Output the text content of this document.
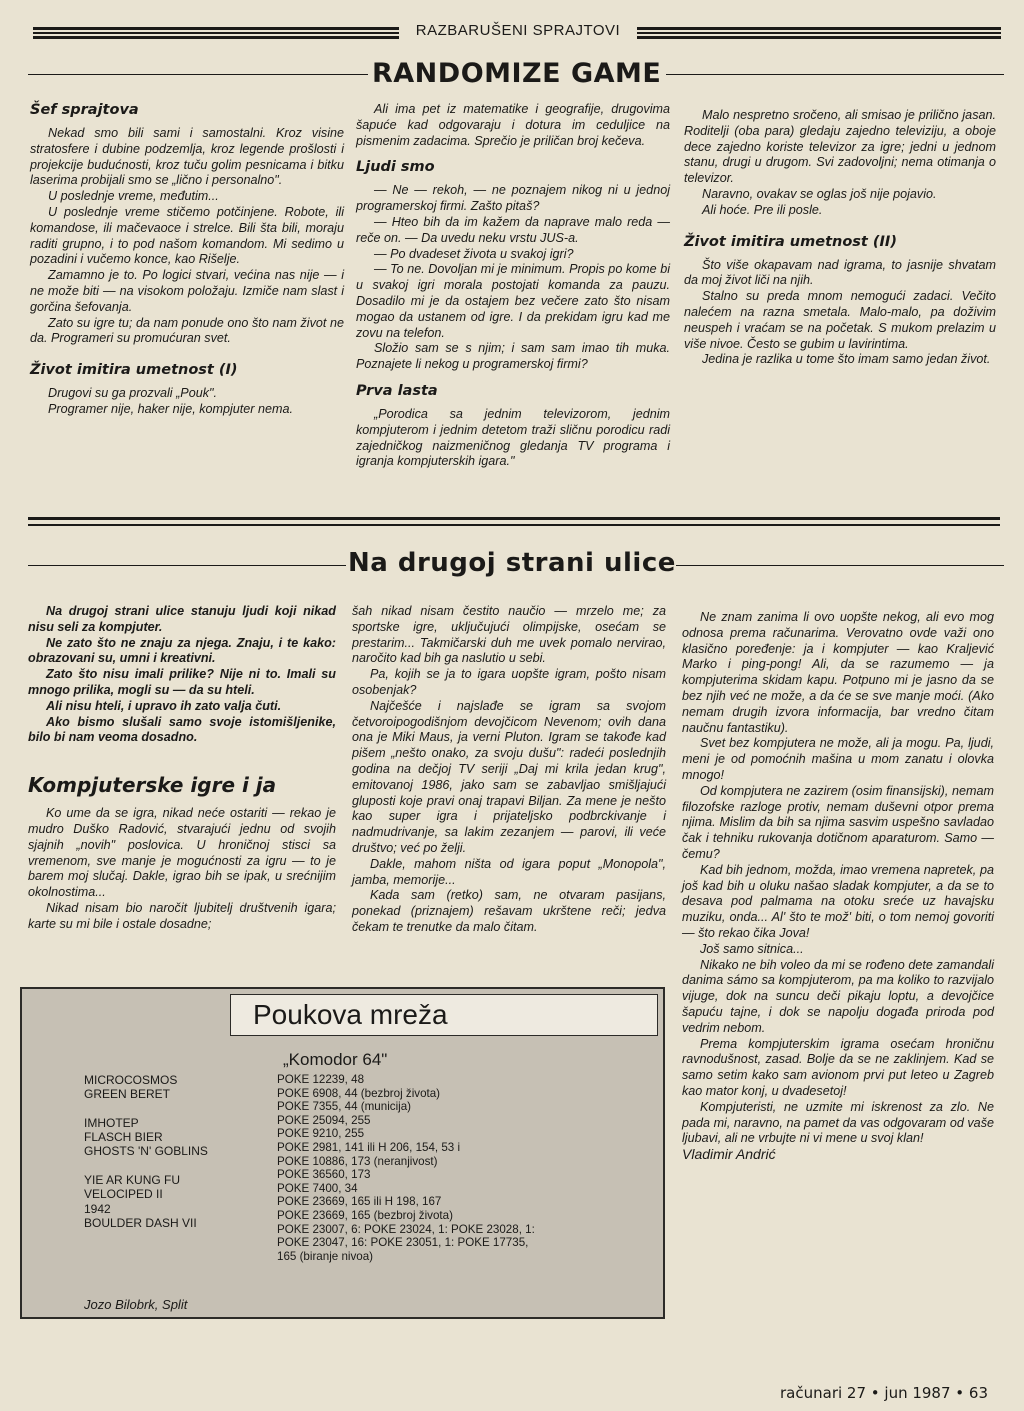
RAZBARUŠENI SPRAJTOVI
RANDOMIZE GAME
Šef sprajtova

Nekad smo bili sami i samostalni. Kroz visine stratosfere i dubine podzemlja, kroz legende prošlosti i projekcije budućnosti, kroz tuču golim pesnicama i bitku laserima probijali smo se „lično i personalno".

U poslednje vreme, međutim...

U poslednje vreme stičemo potčinjene. Robote, ili komandose, ili mačevaoce i strelce. Bili šta bili, moraju raditi grupno, i to pod našom komandom. Mi sedimo u pozadini i vučemo konce, kao Rišelje.

Zamamno je to. Po logici stvari, većina nas nije — i ne može biti — na visokom položaju. Izmiče nam slast i gorčina šefovanja.

Zato su igre tu; da nam ponude ono što nam život ne da. Programeri su promućuran svet.

Život imitira umetnost (I)

Drugovi su ga prozvali „Pouk".

Programer nije, haker nije, kompjuter nema.

Ali ima pet iz matematike i geografije, drugovima šapuće kad odgovaraju i dotura im ceduljice na pismenim zadacima. Sprečio je priličan broj kečeva.

Ljudi smo

— Ne — rekoh, — ne poznajem nikog ni u jednoj programerskoj firmi. Zašto pitaš?

— Hteo bih da im kažem da naprave malo reda — reče on. — Da uvedu neku vrstu JUS-a.

— Po dvadeset života u svakoj igri?

— To ne. Dovoljan mi je minimum. Propis po kome bi u svakoj igri morala postojati komanda za pauzu. Dosadilo mi je da ostajem bez večere zato što nisam mogao da ustanem od igre. I da prekidam igru kad me zovu na telefon.

Složio sam se s njim; i sam sam imao tih muka. Poznajete li nekog u programerskoj firmi?

Prva lasta

„Porodica sa jednim televizorom, jednim kompjuterom i jednim detetom traži sličnu porodicu radi zajedničkog naizmeničnog gledanja TV programa i igranja kompjuterskih igara."

Malo nespretno sročeno, ali smisao je prilično jasan. Roditelji (oba para) gledaju zajedno televiziju, a oboje dece zajedno koriste televizor za igre; jedni u jednom stanu, drugi u drugom. Svi zadovoljni; nema otimanja o televizor.

Naravno, ovakav se oglas još nije pojavio.

Ali hoće. Pre ili posle.

Život imitira umetnost (II)

Što više okapavam nad igrama, to jasnije shvatam da moj život liči na njih.

Stalno su preda mnom nemogući zadaci. Večito nalećem na razna smetala. Malo-malo, pa doživim neuspeh i vraćam se na početak. S mukom prelazim u više nivoe. Često se gubim u lavirintima.

Jedina je razlika u tome što imam samo jedan život.

Na drugoj strani ulice

Na drugoj strani ulice stanuju ljudi koji nikad nisu seli za kompjuter.

Ne zato što ne znaju za njega. Znaju, i te kako: obrazovani su, umni i kreativni.

Zato što nisu imali prilike? Nije ni to. Imali su mnogo prilika, mogli su — da su hteli.

Ali nisu hteli, i upravo ih zato valja čuti.

Ako bismo slušali samo svoje istomišljenike, bilo bi nam veoma dosadno.

Kompjuterske igre i ja

Ko ume da se igra, nikad neće ostariti — rekao je mudro Duško Radović, stvarajući jednu od svojih sjajnih „novih" poslovica. U hroničnoj stisci sa vremenom, sve manje je mogućnosti za igru — to je barem moj slučaj. Dakle, igrao bih se ipak, u srećnijim okolnostima...

Nikad nisam bio naročit ljubitelj društvenih igara; karte su mi bile i ostale dosadne;

šah nikad nisam čestito naučio — mrzelo me; za sportske igre, uključujući olimpijske, osećam se prestarim... Takmičarski duh me uvek pomalo nervirao, naročito kad bih ga naslutio u sebi.

Pa, kojih se ja to igara uopšte igram, pošto nisam osobenjak?

Najčešće i najslađe se igram sa svojom četvoroipogodišnjom devojčicom Nevenom; ovih dana ona je Miki Maus, ja verni Pluton. Igram se takođe kad pišem „nešto onako, za svoju dušu": radeći poslednjih godina na dečjoj TV seriji „Daj mi krila jedan krug", emitovanoj 1986, jako sam se zabavljao smišljajući gluposti koje pravi onaj trapavi Biljan. Za mene je nešto kao super igra i prijateljsko podbrckivanje i nadmudrivanje, sa lakim zezanjem — parovi, ili veće društvo; već po želji.

Dakle, mahom ništa od igara poput „Monopola", jamba, memorije...

Kada sam (retko) sam, ne otvaram pasijans, ponekad (priznajem) rešavam ukrštene reči; jedva čekam te trenutke da malo čitam.

Ne znam zanima li ovo uopšte nekog, ali evo mog odnosa prema računarima. Verovatno ovde važi ono klasično poređenje: ja i kompjuter — kao Kraljević Marko i ping-pong! Ali, da se razumemo — ja kompjuterima skidam kapu. Potpuno mi je jasno da se bez njih već ne može, a da će se sve manje moći. (Ako nemam drugih izvora informacija, bar vredno čitam naučnu fantastiku).

Svet bez kompjutera ne može, ali ja mogu. Pa, ljudi, meni je od pomoćnih mašina u mom zanatu i olovka mnogo!

Od kompjutera ne zazirem (osim finansijski), nemam filozofske razloge protiv, nemam duševni otpor prema njima. Mislim da bih sa njima sasvim uspešno savladao čak i tehniku rukovanja dotičnom aparaturom. Samo — čemu?

Kad bih jednom, možda, imao vremena napretek, pa još kad bih u oluku našao sladak kompjuter, a da se to desava pod palmama na otoku sreće uz havajsku muziku, onda... Al' što te mož' biti, o tom nemoj govoriti — što rekao čika Jova!

Još samo sitnica...

Nikako ne bih voleo da mi se rođeno dete zamandali danima sámo sa kompjuterom, pa ma koliko to razvijalo vijuge, dok na suncu deči pikaju loptu, a devojčice šapuću tajne, i dok se napolju događa priroda pod vedrim nebom.

Prema kompjuterskim igrama osećam hroničnu ravnodušnost, zasad. Bolje da se ne zaklinjem. Kad se samo setim kako sam avionom prvi put leteo u Zagreb kao mator konj, u dvadesetoj!

Kompjuteristi, ne uzmite mi iskrenost za zlo. Ne pada mi, naravno, na pamet da vas odgovaram od vaše ljubavi, ali ne vrbujte ni vi mene u svoj klan!

Vladimir Andrić

Poukova mreža
MICROCOSMOS
GREEN BERET
IMHOTEP
FLASCH BIER
GHOSTS 'N' GOBLINS
YIE AR KUNG FU
VELOCIPED II
1942
BOULDER DASH VII
„Komodor 64"
POKE 12239, 48
POKE 6908, 44 (bezbroj života)
POKE 7355, 44 (municija)
POKE 25094, 255
POKE 9210, 255
POKE 2981, 141 ili H 206, 154, 53 i
POKE 10886, 173 (neranjivost)
POKE 36560, 173
POKE 7400, 34
POKE 23669, 165 ili H 198, 167
POKE 23669, 165 (bezbroj života)
POKE 23007, 6: POKE 23024, 1: POKE 23028, 1:
POKE 23047, 16: POKE 23051, 1: POKE 17735,
165 (biranje nivoa)
Jozo Bilobrk, Split
računari 27 • jun 1987 • 63
